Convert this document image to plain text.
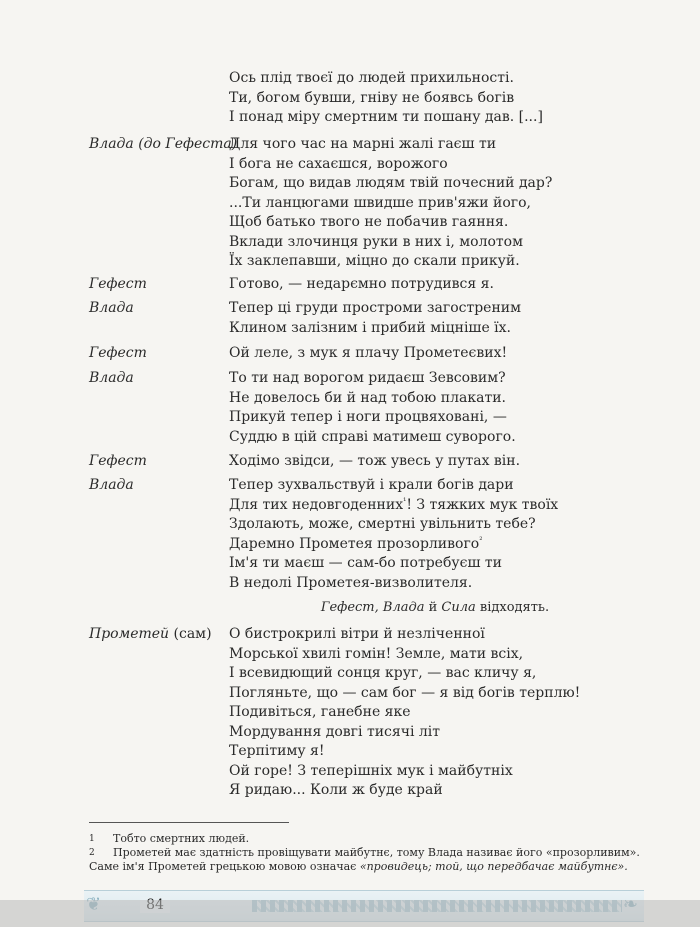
Ось плід твоєї до людей прихильності.
Ти, богом бувши, гніву не боявсь богів
І понад міру смертним ти пошану дав. [...]
Влада (до Гефеста)
Для чого час на марні жалі гаєш ти
І бога не сахаєшся, ворожого
Богам, що видав людям твій почесний дар?
...Ти ланцюгами швидше прив'яжи його,
Щоб батько твого не побачив гаяння.
Вклади злочинця руки в них і, молотом
Їх заклепавши, міцно до скали прикуй.
Гефест	Готово, — недарємно потрудився я.
Влада	Тепер ці груди простроми загостреним
Клином залізним і прибий міцніше їх.
Гефест	Ой леле, з мук я плачу Прометеєвих!
Влада	То ти над ворогом ридаєш Зевсовим?
Не довелось би й над тобою плакати.
Прикуй тепер і ноги процвяховані, —
Суддю в цій справі матимеш суворого.
Гефест	Ходімо звідси, — тож увесь у путах він.
Влада	Тепер зухвальствуй і крали богів дари
Для тих недовгоденних$^{^1}$! З тяжких мук твоїх
Здолають, може, смертні увільнить тебе?
Даремно Прометея прозорливого$^{^2}$
Ім'я ти маєш — сам-бо потребуєш ти
В недолі Прометея-визволителя.
Гефест, Влада й Сила відходять.
Прометей (сам) О бистрокрилі вітри й незліченної
Морської хвилі гомін! Земле, мати всіх,
І всевидющий сонця круг, — вас кличу я,
Погляньте, що — сам бог — я від богів терплю!
Подивіться, ганебне яке
Мордування довгі тисячі літ
Терпітиму я!
Ой горе! З теперішніх мук і майбутніх
Я ридаю... Коли ж буде край
1 Тобто смертних людей.
2 Прометей має здатність провіщувати майбутнє, тому Влада називає його «прозорливим».
Саме ім'я Прометей грецькою мовою означає «провидець; той, що передбачає майбутнє».
